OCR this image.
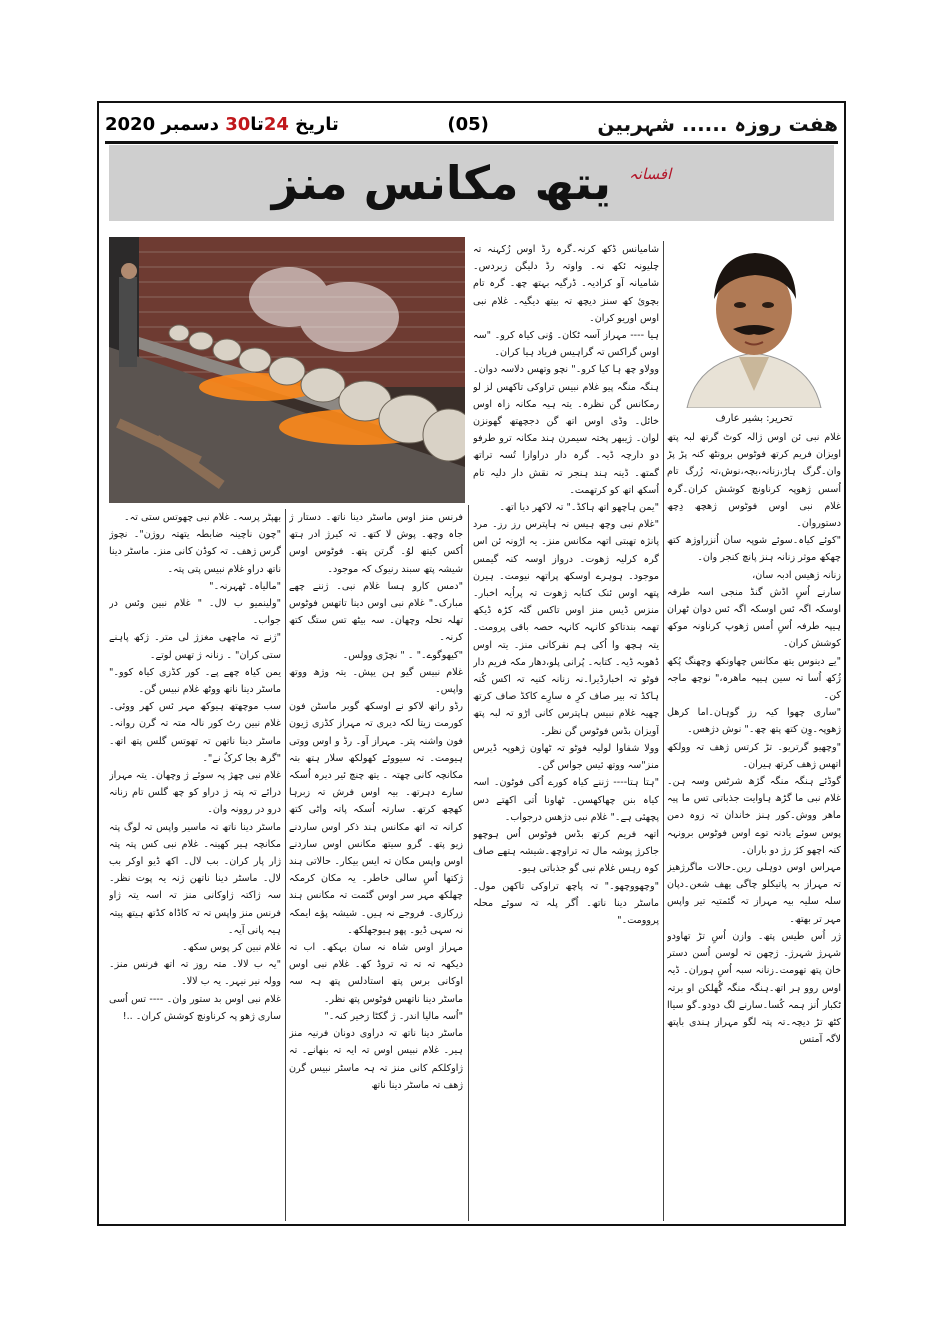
هفت روزہ ...... شہربین
(05)
تاریخ 24تا30 دسمبر 2020
افسانہ
یتھ مکانس منز
تحریر: بشیر عارف

غلام نبی ئن اوس ژالہ کوٹ گرتھ لبہ پتھ اویزان فریم کرتھ فوٹوس برونٹھ کنہ پڑ پڑ وان۔گرگ ہاڑ،زنانہ،بچہ،نوش،تہ زُرگ تام اُسس ژھوپہ کرناونچ کوشش کران۔گرہ غلام نبی اوس فوٹوس ژھچھ دِچھ دستوروان۔

"کوئے کیاہ۔سوئے شوپہ سان اُنزراوژھ کتھ چھکھ موثر زنانہ ہنز پانچ کنجر وان۔

زنانہ ژھیس ادبہ سان،

سارنے اُسِ اڈش گنڈ منجی اسہ طرفہ اوسکہ اگہ ئس اوسکہ اگہ ئس دوان ٹھران ہیپہ طرفہ اُسِ اُمس ژھوپ کرناونہ موکھ کوشش کران۔

"یے دینوس یتھ مکانس چھاونکھ وچھنگ پُکھ ژُکھ اُسا تہ سین ہیپہ ماهرہ،" نوچھ ماجہ کن۔

"ساری چھوا کیہ رز گوہان۔اما کرھل ژھوپہ۔وِن کتھ پتھ چھ۔" نوش دژھس۔

"وچھیو گرتریو۔ تڑ کرتس ژھف تہ وولکھ اتھس ژھف کرتھ ہیران۔

گوڈئے ہنگہ منگہ گژھ شرٹس وسہ ہن۔غلام نبی ما گڑھ ہاوایت جذباتی تس ما پیہ ماهر ووش۔کور ہنز خاندان تہ زوہ دمن پوس سوئے یادنہ توے اوس فوٹوس برونہہ کنہ اچھو کژ رژ دو باران۔

مہراس اوس دوہلی رین۔حالات ماگرژھیز تہ مہراز بہ پاتیکلو چاگی یھف شعن۔دپان سلہ سلیہ بیہ مہراز تہ گئمتیہ تیر واپس مہر تر بھتھ۔

ژر اُس طیس پتھ۔ وازن اُسِ تڑ تھاودو شہرژ شہرژ۔ ژچھن تہ لوسن اُسن دستر خان پتھ تھومت۔زنانہ سبہ اُسِ ہوران۔ ڈیہ اوس روو ہر اتھ۔ہنگہ منگہ گُھلکن او برتہ ٹکبار اُنز ہمہ کُسا۔سارنے لگ دودو۔گو سیاا کٹھ تڑ دیچہ۔تہ پتہ لگو مہراز ہندی باپتھ لاگہ آمتس

شامیانس ڈکھ کرنہ۔گرہ رڈ اوس زُکہنہ تہ چلیونہ ئکھ نہ۔ واوتہ رڈ دلیگن زبردس۔ شامیانہ آو کرادیہ۔ ڈرگیہ بہتھ چھ۔ گرہ تام بچوئ کھ سنز دیچھ تہ بیتھ دیگیہ۔ غلام نبی اوس اوریو کران۔

ہیا ---- مہراز آسہ ٹکان۔ وُنی کیاہ کرو۔ "سہ اوس گراکس تہ گراہیس فریاد ہیا کران۔

وولاو چھ ہا کیا کرو۔" نچو وتھس دلاسہ دوان۔ ہنگہ منگہ پیو غلام نبیس تراوکی تاکھس لز لو رمکانس گن نظرہ۔ یتہ ہیہ مکانہ زاہ اوس خائل۔ وڈی اوس اتھ گن دجچھتھ گھونزن لوان۔ ژیبھر پختہ سیمرن ہند مکانہ ترو طرفو دو دارچہ ڈیہ۔ گرہ دار دراوازا تُسہ تراتھ گمتھ۔ ڈینہ ہند ہنجر تہ نقش دار دلیہ تام اُسکھ اتھ کو کرتھمت۔

"یمن ہاچھو اتھ ہاکڈ۔" تہ لاکھر دیا اتھ۔

"غلام نبی وچھ ہیس نہ ہاپترس رز رز۔ مرد پانژہ تھبتی اتھہ مکانس منز۔ یہ اڑونہ ئن اس گرہ کرلیہ ژھوت۔ درواز اوسہ کنہ گیمس موجود۔ ہوہرے اوسکھ پراتھہ نیومت۔ ہیرن پتھہ اوس ئنک کتابہ ژھوت تہ پراُیہ اخبار۔ منزس ڈیس منز اوس تاکس گئہ کڑہ ڈیکھ تھمہ بندتاکو کانہہ کانہہ حصہ باقی پرومت۔ یتہ ہچھ وا اُکی ہم نفرکانی منز۔ یتہ اوس ڈھوبہ ڈیہ۔ کتابہ۔ پُرانی پلو،دھار مکہ فریم دار فوٹو تہ اخبارڈیرا۔نہ زنانہ کنیہ تہ اکس کُنہ ہاکڈ تہ بیر صاف کرِ ہ سارِے کاکڈ صاف کرتھ چھیہ غلام نبیس ہاپترس کانی اڑو تہ لبہ پتھ آویزان بڈس فوٹوس گن نظر۔

وولا شفاوا لولیہ فوٹو تہ ٹھاون ژھوپہ ڈیرس منز"سہ ووتھ ئیس جواس گن۔

"ہتا ہتا---- ژننے کیاہ کورے اُکی فوٹون۔ اسہ کیاہ بنن چھاکھسن۔ ٹھاونا اُتی اکھتے دس پچھئی ہے۔" غلام نبی دژھس درجواب۔

اتھہ فریم کرتھ بڈس فوٹوس اُس ہوچھو جاکرژ پوشہ مال تہ تراوچھ۔شیشہ ہتھے صاف کوہ رہس غلام نبی گو جذباتی ہیو۔

"وچھووچھو۔" تہ پاچھ تراوکی تاکھن مول۔ ماسٹر دینا ناتھ۔ اُگر پلہ تہ سوئے محلہ پروومت۔"

فرنس منز اوس ماسٹر دینا ناتھ۔ دستار ژ جاہ وچھ۔ پوش لا کتھ۔ تہ کیرژ ادر ہتھ اُکس کیتھ لوُ۔ گرتن پتھ۔ فوٹوس اوس شیشہ پتھ سبند رنیوک کہ موجود۔

"دمس کارو ہسا غلام نبی۔ ژننے چھے مبارک۔" غلام نبی اوس دینا تاتھس فوٹوس تھلہ تحلہ وچھان۔ سہ بیٹھ تس ستگ کتھ کرنہ۔

"کیھوگوے۔" ۔ " نچڑی وولس۔

غلام نبیس گیو ہن یپش۔ یتہ وژھ ووتھ واپس۔

رڈو راتھ لاکو نے اوسکھ گوبر ماسٹن فون کورمت زیتا لکہ دیری تہ مہراز کڈزی ژیون فون واشنہ پتر۔ مہراز آو۔ رڈ و اوس ووتی ہیومت۔ تہ سیووئے کھولکھ سلار ہتھ بتہ مکانچہ کانی چھتہ ۔ یتھ چنچ ئیر دیرہ اُسکہ سارے دہرتھ۔ بیہ اوس فرش تہ زبرہا کھچھ کرتھ۔ سارتہ اُسکہ پاتہ واٹی کتھ کرانہ تہ اتھ مکانس ہند ذکر اوس ساردنے زیو پتھ۔ گرو سیتھ مکانس اوس ساردنے اوس واپس مکان تہ ایس بیکار۔ حالاتی ہند ژکتھا اُسِ سالی خاطر۔ یہ مکان کرمکہ چھلکھ مہر سر اوس گئمت تہ مکانس ہند زرکاری۔ فروجے نہ ہیں۔ شیشہ پؤے ایمکہ نہ سہی ڈیو۔ پھو ہیوجھلکھ۔

مہراز اوس شاہ نہ سان بہکھ۔ اب تہ دیکھہ تہ تہ تہ تروڈ کھ۔ غلام نبی اوس اوکانی برس پتھ استادلس پتھ ہہ سہ ماسٹر دینا ناتھس فوٹوس پتھ نظر۔

"اُسہ مالیا اندر۔ ژ گکٹا زخیر کنہ۔"

ماسٹر دینا ناتھ تہ دراوی دونان فرنیہ منز ہیر۔ غلام نبیس اوس تہ ایہ تہ بنھانے۔ تہ ژاوکلکم کانی منز تہ ہہ ماسٹر نبیس گرن ژھف تہ ماسٹر دینا ناتھ

بھپٹر پرسہ۔ غلام نبی چھوتس ستی تہ۔

"چون ناچینہ ضابطہ یتھتہ روژن"۔ نچوژ گرس ژھف۔ تہ کوڈن کانی منز۔ ماسٹر دینا ناتھ دراو غلام نبیس پتی پتہ۔

"مالیاہ۔ ٹھہرنہ۔"

"ولینمیو ب لال۔ " غلام نبین وئس در جواب۔

"ژنے تہ ماچھی مغزژ لی متر۔ ژکھ پاہنے ستی کران" ۔ زنانہ ژ تھس لوتے۔

یمن کیاہ چھے پے۔ کور کڈزی کیاہ کوو۔" ماسٹر دینا ناتھ ووٹھ غلام نبیس گن۔

سب موچھتھ ہیوکھ مہر ئس کھر ووئی۔ غلام نبین رٹ کور نالہ متہ تہ گرن روانہ۔ ماسٹر دینا ناتھن تہ تھوتس گلس پتھ اتھ۔ "گرھ بجا کرکُ نے"۔

غلام نبی چھژ پہ سوئے ژ وچھان۔ یتہ مہراز درائے تہ پتہ ژ دراو کو چھ گلس تام زنانہ درو در روونہ وان۔

ماسٹر دینا ناتھ تہ ماسیر واپس تہ لوگ پتہ مکانچہ ہیر کھینہ۔ غلام نبی کس پتہ پتہ ژار پار کران۔ بب لال۔ اکھ ڈیو اوکر بب لال۔ ماسٹر دینا ناتھن ژنہ یہ پوت نظر۔ سہ ژاکتہ ژاوکانی منز تہ اسہ یتہ ژاو فرنس منز واپس تہ تہ کاڈاہ کڈتھ ہیتھ پیتہ ہیہ پانی آیہ۔

غلام نبین کر پوس سکھ۔

"یہ ب لالا۔ متہ روز تہ اتھ فرنس منز۔ وولہ نیر نیہر۔ یہ ب لالا۔

غلام نبی اوس بد ستور وان۔ ---- تس اُسی ساری ژھو پہ کرناونچ کوشش کران۔ ..!
